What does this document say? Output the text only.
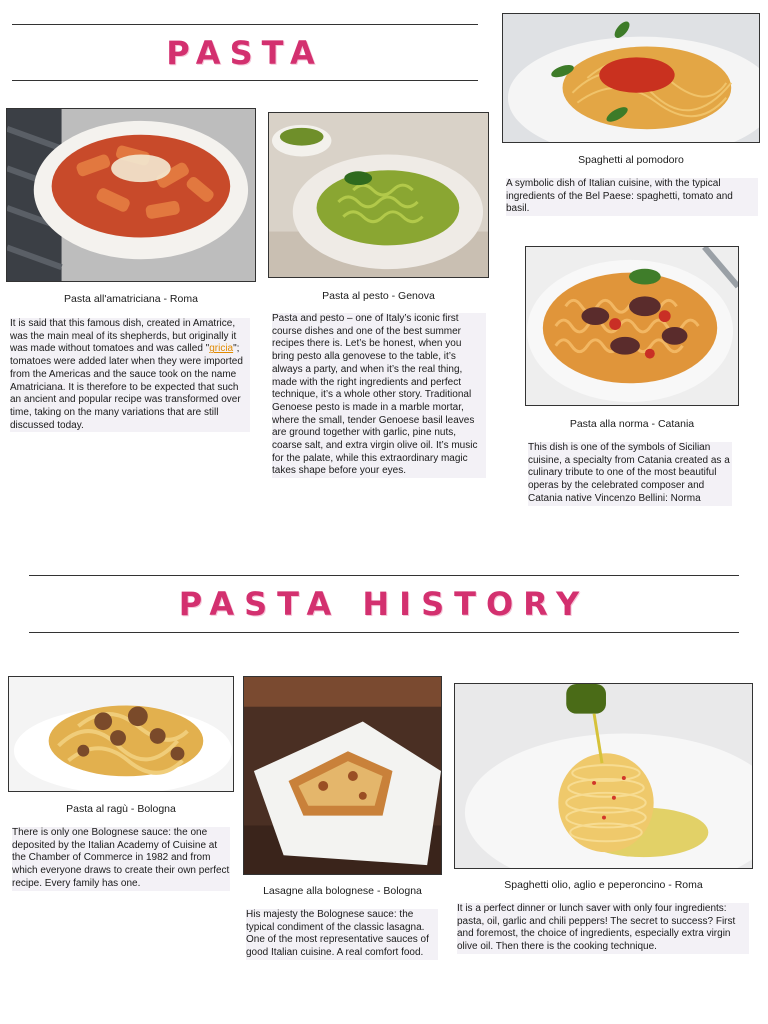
PASTA
Pasta all'amatriciana - Roma
It is said that this famous dish, created in Amatrice, was the main meal of its shepherds, but originally it was made without tomatoes and was called "gricia"; tomatoes were added later when they were imported from the Americas and the sauce took on the name Amatriciana. It is therefore to be expected that such an ancient and popular recipe was transformed over time, taking on the many variations that are still discussed today.
Pasta al pesto - Genova
Pasta and pesto – one of Italy’s iconic first course dishes and one of the best summer recipes there is. Let’s be honest, when you bring pesto alla genovese to the table, it’s always a party, and when it’s the real thing, made with the right ingredients and perfect technique, it’s a whole other story. Traditional Genoese pesto is made in a marble mortar, where the small, tender Genoese basil leaves are ground together with garlic, pine nuts, coarse salt, and extra virgin olive oil. It’s music for the palate, while this extraordinary magic takes shape before your eyes.
Spaghetti al pomodoro
A symbolic dish of Italian cuisine, with the typical ingredients of the Bel Paese: spaghetti, tomato and basil.
Pasta alla norma - Catania
This dish is one of the symbols of Sicilian cuisine, a specialty from Catania created as a culinary tribute to one of the most beautiful operas by the celebrated composer and Catania native Vincenzo Bellini: Norma
PASTA HISTORY
Pasta al ragù - Bologna
There is only one Bolognese sauce: the one deposited by the Italian Academy of Cuisine at the Chamber of Commerce in 1982 and from which everyone draws to create their own perfect recipe. Every family has one.
Lasagne alla bolognese - Bologna
His majesty the Bolognese sauce: the typical condiment of the classic lasagna. One of the most representative sauces of good Italian cuisine. A real comfort food.
Spaghetti olio, aglio e peperoncino - Roma
It is a perfect dinner or lunch saver with only four ingredients: pasta, oil, garlic and chili peppers! The secret to success? First and foremost, the choice of ingredients, especially extra virgin olive oil. Then there is the cooking technique.
